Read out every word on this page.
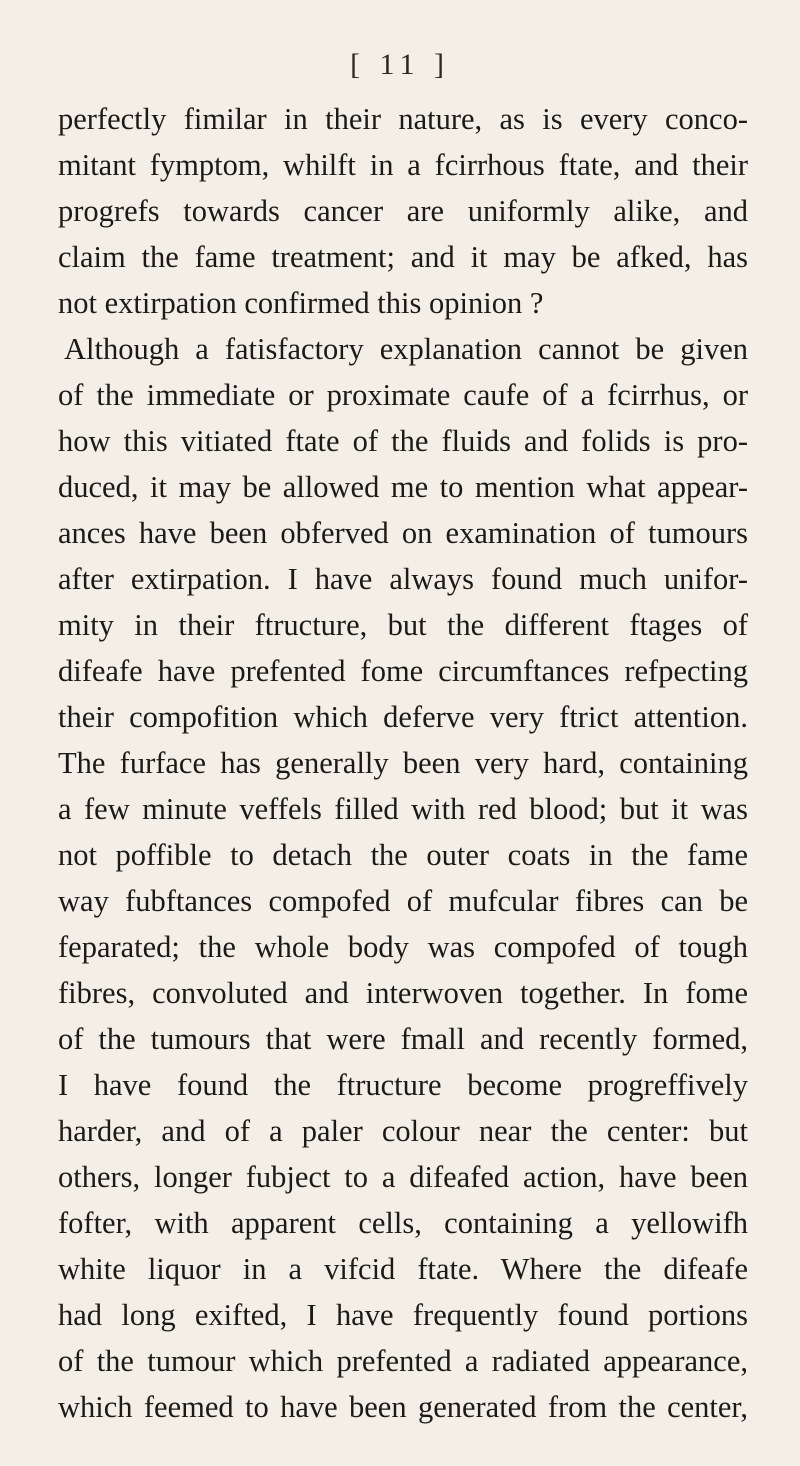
[ 11 ]
perfectly fimilar in their nature, as is every conco-
mitant fymptom, whilft in a fcirrhous ftate, and their
progrefs towards cancer are uniformly alike, and
claim the fame treatment; and it may be afked, has
not extirpation confirmed this opinion ?
Although a fatisfactory explanation cannot be given
of the immediate or proximate caufe of a fcirrhus, or
how this vitiated ftate of the fluids and folids is pro-
duced, it may be allowed me to mention what appear-
ances have been obferved on examination of tumours
after extirpation. I have always found much unifor-
mity in their ftructure, but the different ftages of
difeafe have prefented fome circumftances refpecting
their compofition which deferve very ftrict attention.
The furface has generally been very hard, containing
a few minute veffels filled with red blood; but it was
not poffible to detach the outer coats in the fame
way fubftances compofed of mufcular fibres can be
feparated; the whole body was compofed of tough
fibres, convoluted and interwoven together. In fome
of the tumours that were fmall and recently formed,
I have found the ftructure become progreffively
harder, and of a paler colour near the center: but
others, longer fubject to a difeafed action, have been
fofter, with apparent cells, containing a yellowifh
white liquor in a vifcid ftate. Where the difeafe
had long exifted, I have frequently found portions
of the tumour which prefented a radiated appearance,
which feemed to have been generated from the center,
